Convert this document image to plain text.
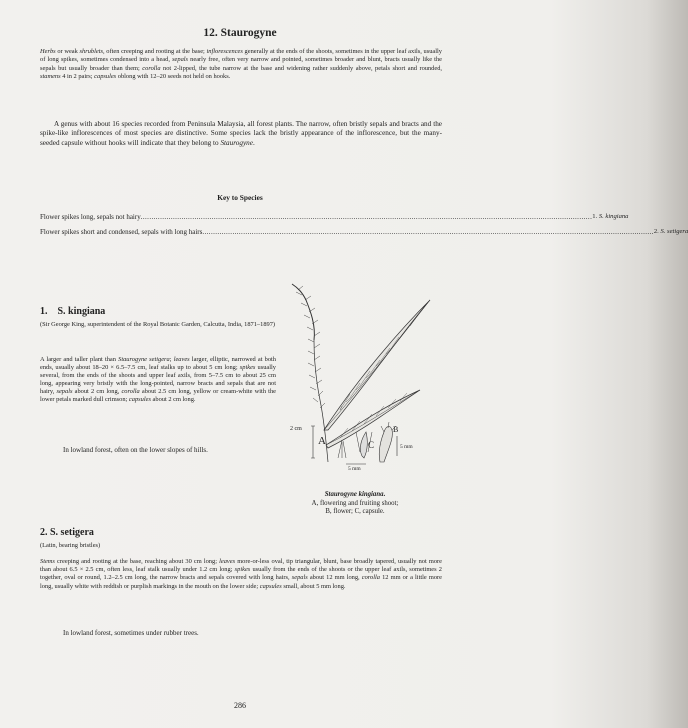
12. Staurogyne
Herbs or weak shrublets, often creeping and rooting at the base; inflorescences generally at the ends of the shoots, sometimes in the upper leaf axils, usually of long spikes, sometimes condensed into a head, sepals nearly free, often very narrow and pointed, sometimes broader and blunt, bracts usually like the sepals but usually broader than them; corolla not 2-lipped, the tube narrow at the base and widening rather suddenly above, petals short and rounded, stamens 4 in 2 pairs; capsules oblong with 12–20 seeds not held on hooks.
A genus with about 16 species recorded from Peninsula Malaysia, all forest plants. The narrow, often bristly sepals and bracts and the spike-like inflorescences of most species are distinctive. Some species lack the bristly appearance of the inflorescence, but the many-seeded capsule without hooks will indicate that they belong to Staurogyne.
Key to Species
Flower spikes long, sepals not hairy .................................................................................................................................................................................................................. 1. S. kingiana
Flower spikes short and condensed, sepals with long hairs .................................................................................................................................................................................................................. 2. S. setigera
1. S. kingiana
(Sir George King, superintendent of the Royal Botanic Garden, Calcutta, India, 1871–1897)
A larger and taller plant than Staurogyne setigera; leaves larger, elliptic, narrowed at both ends, usually about 18–20 × 6.5–7.5 cm, leaf stalks up to about 5 cm long; spikes usually several, from the ends of the shoots and upper leaf axils, from 5–7.5 cm to about 25 cm long, appearing very bristly with the long-pointed, narrow bracts and sepals that are not hairy, sepals about 2 cm long, corolla about 2.5 cm long, yellow or cream-white with the lower petals marked dull crimson; capsules about 2 cm long.
In lowland forest, often on the lower slopes of hills.
2 cm
A	C
B
5 mm
5 mm
Staurogyne kingiana.
A, flowering and fruiting shoot;
B, flower; C, capsule.
2. S. setigera
(Latin, bearing bristles)
Stems creeping and rooting at the base, reaching about 30 cm long; leaves more-or-less oval, tip triangular, blunt, base broadly tapered, usually not more than about 6.5 × 2.5 cm, often less, leaf stalk usually under 1.2 cm long; spikes usually from the ends of the shoots or the upper leaf axils, sometimes 2 together, oval or round, 1.2–2.5 cm long, the narrow bracts and sepals covered with long hairs, sepals about 12 mm long, corolla 12 mm or a little more long, usually white with reddish or purplish markings in the mouth on the lower side; capsules small, about 5 mm long.
In lowland forest, sometimes under rubber trees.
286
